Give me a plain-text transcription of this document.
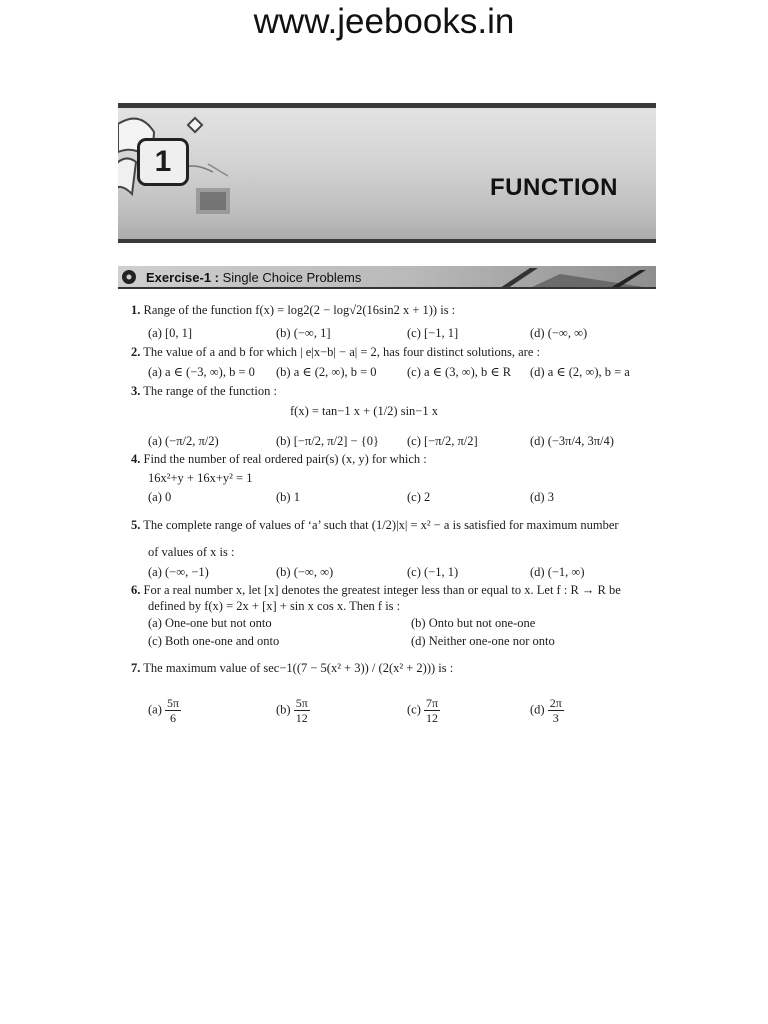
www.jeebooks.in
1
FUNCTION
Exercise-1 : Single Choice Problems
1. Range of the function f(x) = log2(2 − log√2(16sin2 x + 1)) is :
(a) [0, 1]	(b) (−∞, 1]	(c) [−1, 1]	(d) (−∞, ∞)
2. The value of a and b for which | e|x−b| − a| = 2, has four distinct solutions, are :
(a) a ∈ (−3, ∞), b = 0 (b) a ∈ (2, ∞), b = 0 (c) a ∈ (3, ∞), b ∈ R (d) a ∈ (2, ∞), b = a
3. The range of the function :
f(x) = tan−1 x + (1/2) sin−1 x
(a) (−π/2, π/2)	(b) [−π/2, π/2] − {0} (c) [−π/2, π/2]	(d) (−3π/4, 3π/4)
4. Find the number of real ordered pair(s) (x, y) for which :
16x²+y + 16x+y² = 1
(a) 0	(b) 1	(c) 2	(d) 3
5. The complete range of values of ‘a’ such that (1/2)|x| = x² − a is satisfied for maximum number
of values of x is :
(a) (−∞, −1)	(b) (−∞, ∞)	(c) (−1, 1)	(d) (−1, ∞)
6. For a real number x, let [x] denotes the greatest integer less than or equal to x. Let f : R → R be
defined by f(x) = 2x + [x] + sin x cos x. Then f is :
(a) One-one but not onto	(b) Onto but not one-one
(c) Both one-one and onto	(d) Neither one-one nor onto
7. The maximum value of sec−1((7 − 5(x² + 3)) / (2(x² + 2))) is :
$(a) \frac{5\pi}{6}$	$(b) \frac{5\pi}{12}$	$(c) \frac{7\pi}{12}$	$(d) \frac{2\pi}{3}$
